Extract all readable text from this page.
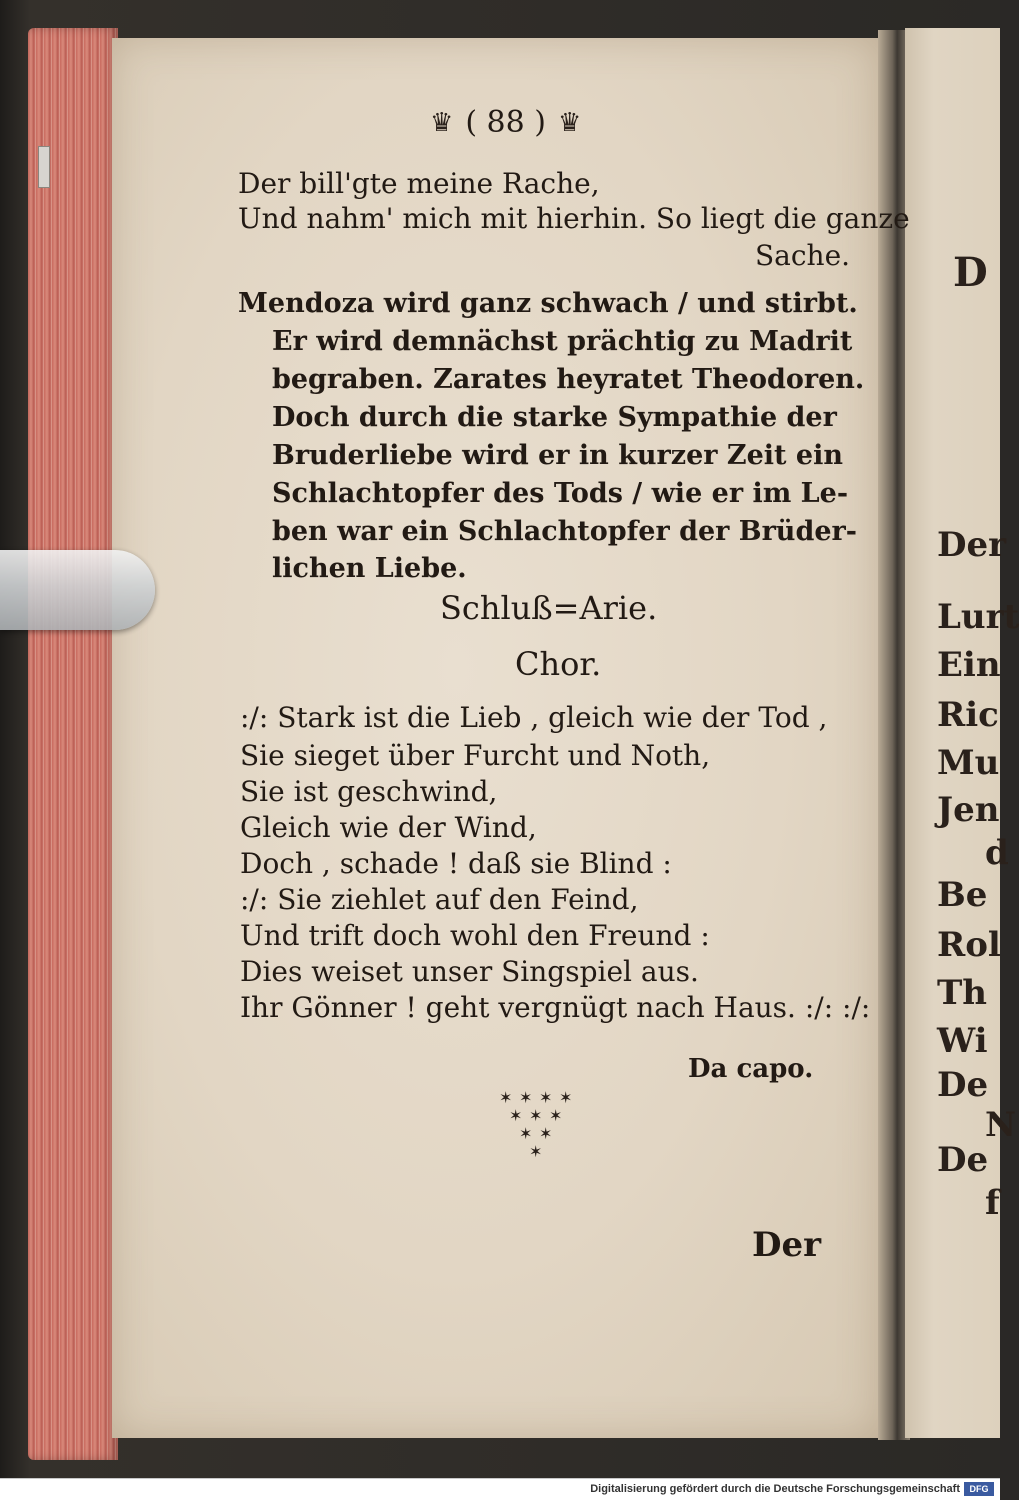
D
Der
Lurt
Ein
Ric
Mu
Jen
d
Be
Rol
Th
Wi
De
N
De
f
♛ ( 88 ) ♛
Der bill'gte meine Rache,
Und nahm' mich mit hierhin. So liegt die ganze
Sache.
Mendoza wird ganz schwach / und stirbt.
Er wird demnächst prächtig zu Madrit
begraben. Zarates heyratet Theodoren.
Doch durch die starke Sympathie der
Bruderliebe wird er in kurzer Zeit ein
Schlachtopfer des Tods / wie er im Le-
ben war ein Schlachtopfer der Brüder-
lichen Liebe.
Schluß=Arie.
Chor.
:/: Stark ist die Lieb , gleich wie der Tod ,
Sie sieget über Furcht und Noth,
Sie ist geschwind,
Gleich wie der Wind,
Doch , schade ! daß sie Blind :
:/: Sie ziehlet auf den Feind,
Und trift doch wohl den Freund :
Dies weiset unser Singspiel aus.
Ihr Gönner ! geht vergnügt nach Haus. :/: :/:
Da capo.
✶ ✶ ✶ ✶
✶ ✶ ✶
✶ ✶
✶
Der
Digitalisierung gefördert durch die Deutsche Forschungsgemeinschaft	DFG
